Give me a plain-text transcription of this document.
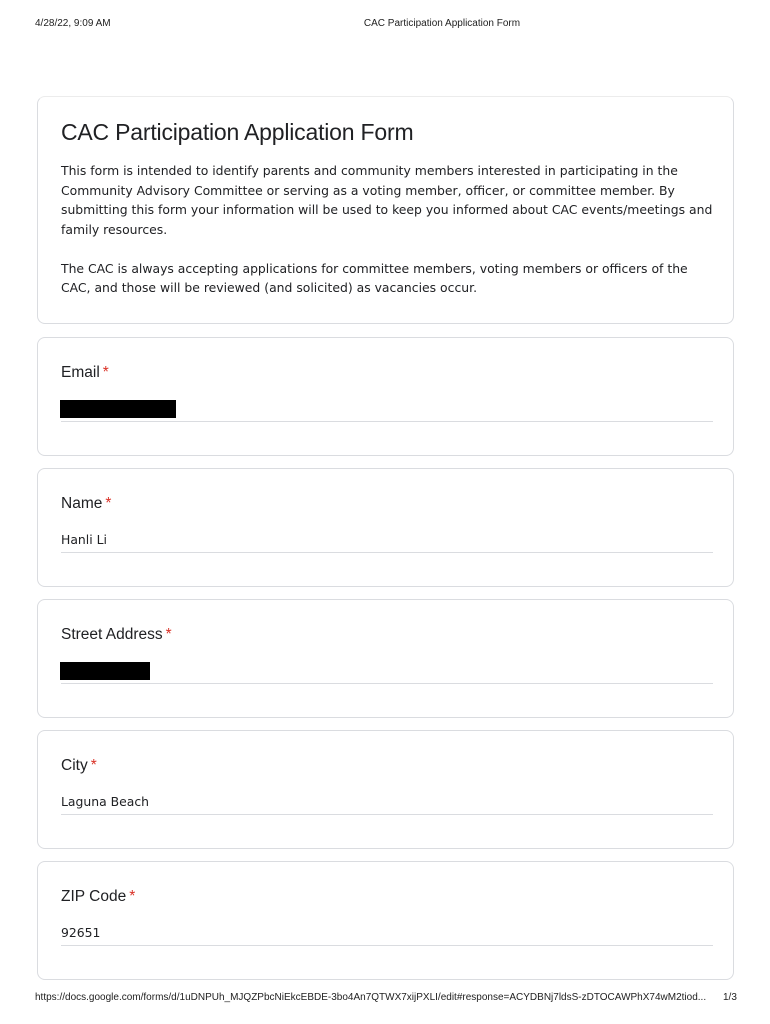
4/28/22, 9:09 AM	CAC Participation Application Form
CAC Participation Application Form

This form is intended to identify parents and community members interested in participating in the Community Advisory Committee or serving as a voting member, officer, or committee member. By submitting this form your information will be used to keep you informed about CAC events/meetings and family resources.

The CAC is always accepting applications for committee members, voting members or officers of the CAC, and those will be reviewed (and solicited) as vacancies occur.

Email *
Name *
Hanli Li
Street Address *
City *
Laguna Beach
ZIP Code *
92651
https://docs.google.com/forms/d/1uDNPUh_MJQZPbcNiEkcEBDE-3bo4An7QTWX7xijPXLI/edit#response=ACYDBNj7ldsS-zDTOCAWPhX74wM2tiod...	1/3
